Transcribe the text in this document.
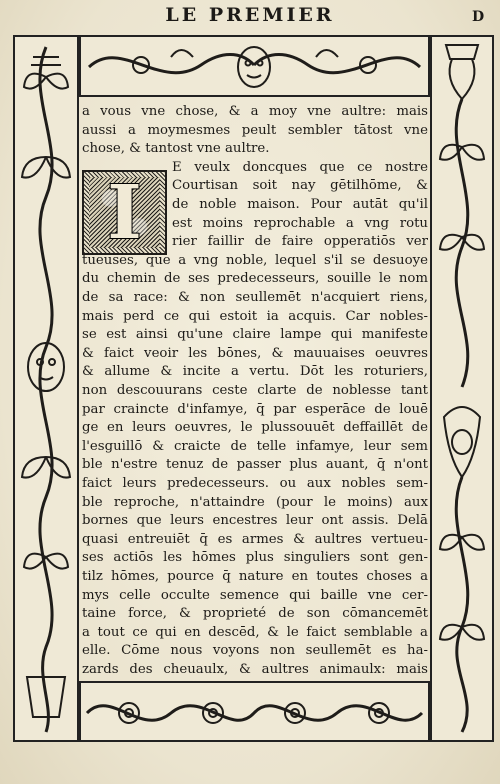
LE PREMIER	D
I
a vous vne chose, & a moy vne aultre: mais
aussi a moymesmes peult sembler tātost vne
chose, & tantost vne aultre.
E veulx doncques que ce nostre
Courtisan soit nay gētilhōme, &
de noble maison. Pour autāt qu'il
est moins reprochable a vng rotu
rier faillir de faire opperatiōs ver
tueuses, que a vng noble, lequel s'il se desuoye
du chemin de ses predecesseurs, souille le nom
de sa race: & non seullemēt n'acquiert riens,
mais perd ce qui estoit ia acquis. Car nobles-
se est ainsi qu'une claire lampe qui manifeste
& faict veoir les bōnes, & mauuaises oeuvres
& allume & incite a vertu. Dōt les roturiers,
non descouurans ceste clarte de noblesse tant
par craincte d'infamye, q̄ par esperāce de louē
ge en leurs oeuvres, le plussouuēt deffaillēt de
l'esguillō & craicte de telle infamye, leur sem
ble n'estre tenuz de passer plus auant, q̄ n'ont
faict leurs predecesseurs. ou aux nobles sem-
ble reproche, n'attaindre (pour le moins) aux
bornes que leurs encestres leur ont assis. Delā
quasi entreuiēt q̄ es armes & aultres vertueu-
ses actiōs les hōmes plus singuliers sont gen-
tilz hōmes, pource q̄ nature en toutes choses a
mys celle occulte semence qui baille vne cer-
taine force, & proprieté de son cōmancemēt
a tout ce qui en descēd, & le faict semblable a
elle. Cōme nous voyons non seullemēt es ha-
zards des cheuaulx, & aultres animaulx: mais
